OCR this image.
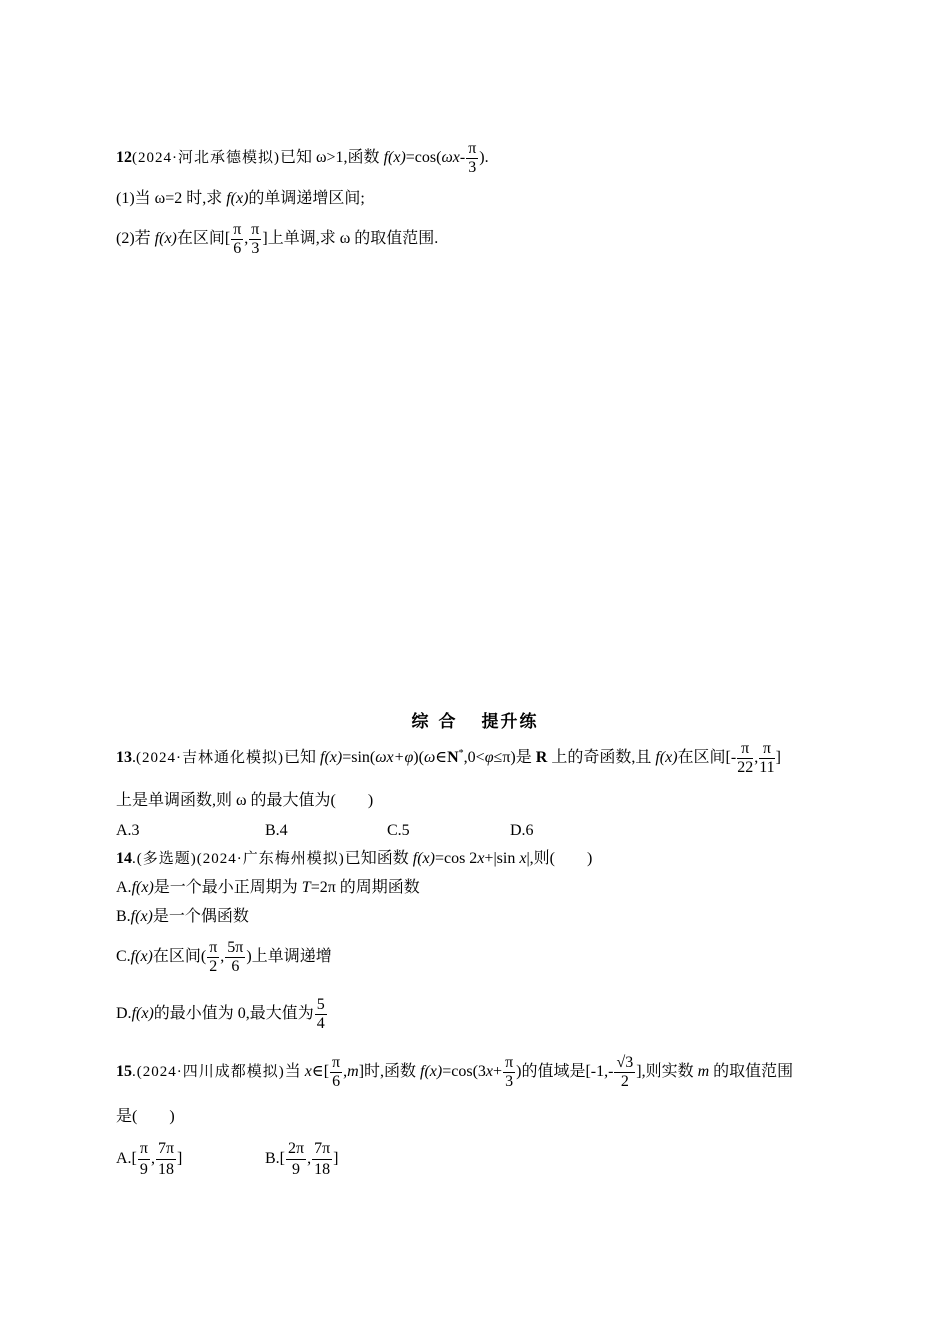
12(2024·河北承德模拟)已知 ω>1,函数 $f(x)=\cos(\omega x- \frac{\pi}{3}$ ).
(1)当 ω=2 时,求 f(x)的单调递增区间;
(2)若 f(x)在区间[ $\frac{\pi}{6}$ , $\frac{\pi}{3}$ ]上单调,求 ω 的取值范围.
综 合 提升练
13.(2024·吉林通化模拟)已知 f(x)=sin(ωx+φ)(ω∈N*,0<φ≤π)是 R 上的奇函数,且 f(x)在区间[- $\frac{\pi}{22}$ , $\frac{\pi}{11}$ ]
上是单调函数,则 ω 的最大值为(　　)
A.3	B.4	C.5	D.6
14.(多选题)(2024·广东梅州模拟)已知函数 f(x)=cos 2x+|sin x|,则(　　)
A.f(x)是一个最小正周期为 T=2π 的周期函数
B.f(x)是一个偶函数
C.f(x)在区间( $\frac{\pi}{2}$ , $\frac{5\pi}{6}$ )上单调递增
D.f(x)的最小值为 0,最大值为 $\frac{5}{4}$
15.(2024·四川成都模拟)当 x∈[ $\frac{\pi}{6} ,m$]时,函数 $f(x)=\cos(3x+ \frac{\pi}{3}$ )的值域是[$-1,- \frac{√3}{2}$ ],则实数 m 的取值范围
是(　　)
$A.[ \frac{\pi}{9}$ , $\frac{7\pi}{18}$ ]	$B.[ \frac{2\pi}{9}$ , $\frac{7\pi}{18}$ ]
